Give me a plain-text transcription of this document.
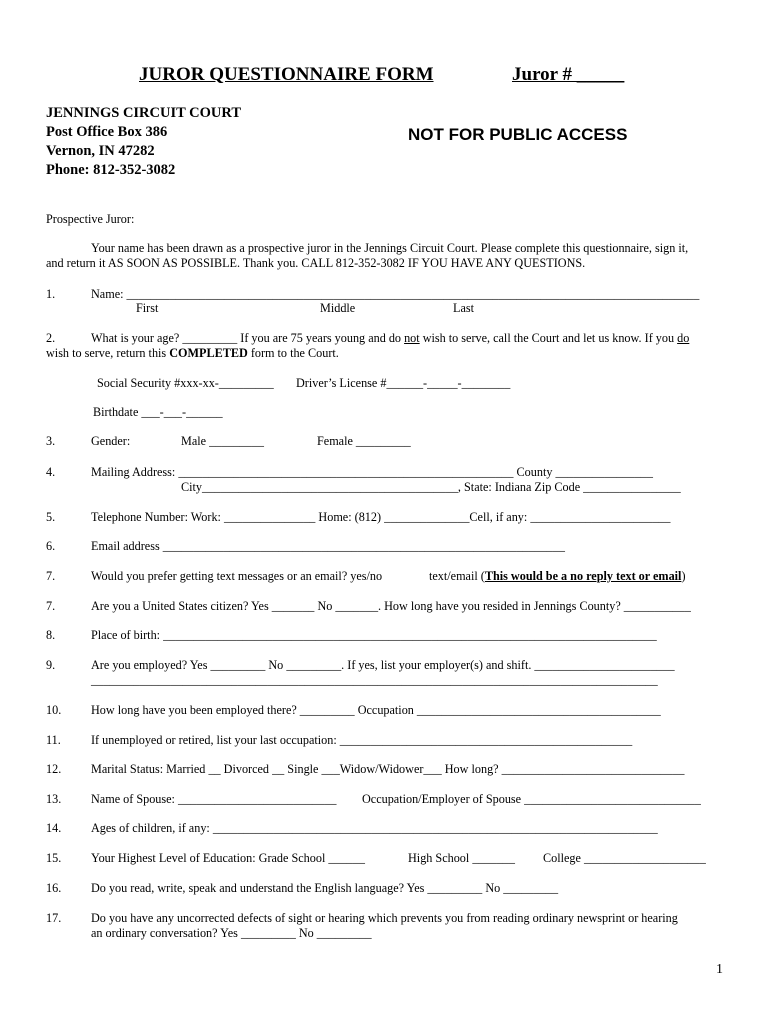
JUROR QUESTIONNAIRE FORM	Juror # _____
JENNINGS CIRCUIT COURT
Post Office Box 386
Vernon, IN 47282
Phone: 812-352-3082
NOT FOR PUBLIC ACCESS
Prospective Juror:
Your name has been drawn as a prospective juror in the Jennings Circuit Court. Please complete this questionnaire, sign it,
and return it AS SOON AS POSSIBLE. Thank you. CALL 812-352-3082 IF YOU HAVE ANY QUESTIONS.
1.	Name: ______________________________________________________________________________________________
First	Middle	Last
2.	What is your age? _________ If you are 75 years young and do not wish to serve, call the Court and let us know. If you do
wish to serve, return this COMPLETED form to the Court.
Social Security #xxx-xx-_________ Driver’s License #______-_____-________
Birthdate ___-___-______
3.	Gender:	Male _________	Female _________
4.	Mailing Address: _______________________________________________________ County ________________
City__________________________________________, State: Indiana Zip Code ________________
5.	Telephone Number: Work: _______________ Home: (812) ______________Cell, if any: _______________________
6.	Email address __________________________________________________________________
7.	Would you prefer getting text messages or an email? yes/no	text/email (This would be a no reply text or email)
7.	Are you a United States citizen? Yes _______ No _______. How long have you resided in Jennings County? ___________
8.	Place of birth: _________________________________________________________________________________
9.	Are you employed? Yes _________ No _________. If yes, list your employer(s) and shift. _______________________
_____________________________________________________________________________________________
10. How long have you been employed there? _________ Occupation ________________________________________
11. If unemployed or retired, list your last occupation: ________________________________________________
12. Marital Status: Married __ Divorced __ Single ___Widow/Widower___ How long? ______________________________
13. Name of Spouse: __________________________ Occupation/Employer of Spouse _____________________________
14. Ages of children, if any: _________________________________________________________________________
15. Your Highest Level of Education: Grade School ______	High School _______ College ____________________
16. Do you read, write, speak and understand the English language? Yes _________ No _________
17. Do you have any uncorrected defects of sight or hearing which prevents you from reading ordinary newsprint or hearing
an ordinary conversation? Yes _________ No _________
1
